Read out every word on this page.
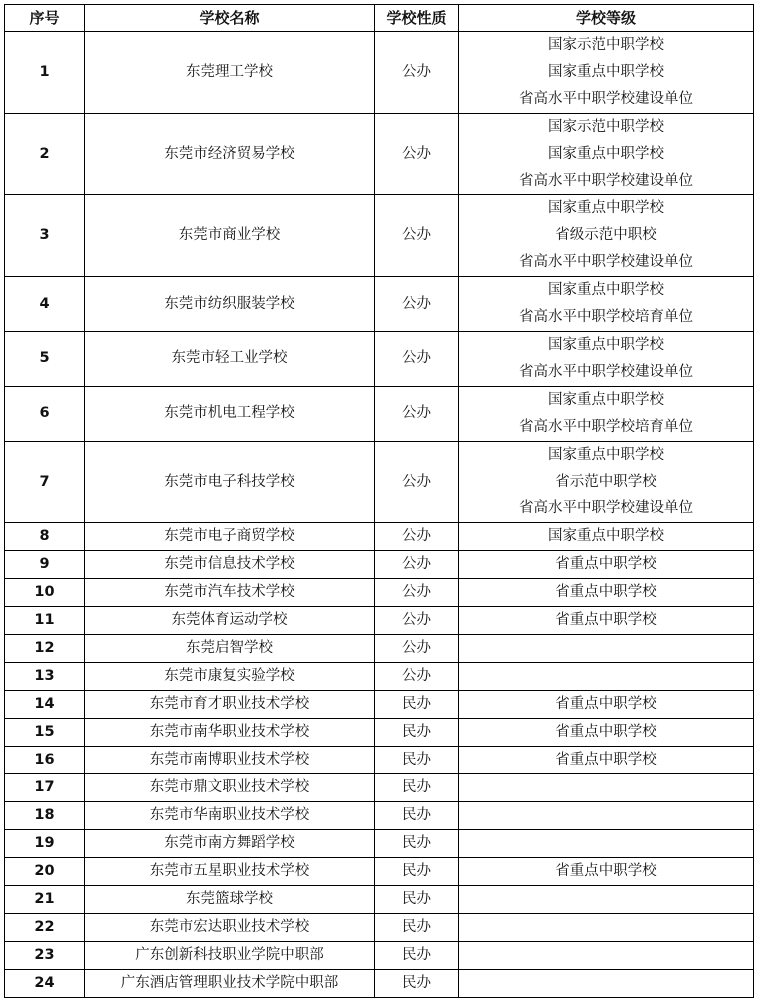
序号	学校名称	学校性质	学校等级
1	东莞理工学校	公办	国家示范中职学校
国家重点中职学校
省高水平中职学校建设单位

2	东莞市经济贸易学校	公办	国家示范中职学校
国家重点中职学校
省高水平中职学校建设单位

3	东莞市商业学校	公办	国家重点中职学校
省级示范中职校
省高水平中职学校建设单位

4	东莞市纺织服装学校	公办	国家重点中职学校
省高水平中职学校培育单位

5	东莞市轻工业学校	公办	国家重点中职学校
省高水平中职学校建设单位

6	东莞市机电工程学校	公办	国家重点中职学校
省高水平中职学校培育单位

7	东莞市电子科技学校	公办	国家重点中职学校
省示范中职学校
省高水平中职学校建设单位

8	东莞市电子商贸学校	公办	国家重点中职学校

9	东莞市信息技术学校	公办	省重点中职学校

10	东莞市汽车技术学校	公办	省重点中职学校

11	东莞体育运动学校	公办	省重点中职学校

12	东莞启智学校	公办	
13	东莞市康复实验学校	公办	
14	东莞市育才职业技术学校	民办	省重点中职学校

15	东莞市南华职业技术学校	民办	省重点中职学校

16	东莞市南博职业技术学校	民办	省重点中职学校

17	东莞市鼎文职业技术学校	民办	
18	东莞市华南职业技术学校	民办	
19	东莞市南方舞蹈学校	民办	
20	东莞市五星职业技术学校	民办	省重点中职学校

21	东莞篮球学校	民办	
22	东莞市宏达职业技术学校	民办	
23	广东创新科技职业学院中职部	民办	
24	广东酒店管理职业技术学院中职部	民办	
